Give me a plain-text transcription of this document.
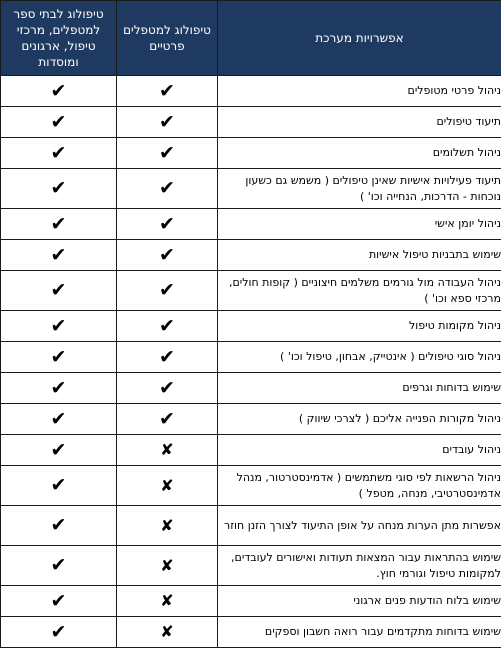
אפשרויות מערכת	טיפולוג למטפלים פרטיים	טיפולוג לבתי ספר למטפלים, מרכזי טיפול, ארגונים ומוסדות
ניהול פרטי מטופלים	✔	✔
תיעוד טיפולים	✔	✔
ניהול תשלומים	✔	✔
תיעוד פעילויות אישיות שאינן טיפולים ( משמש גם כשעון נוכחות - הדרכות, הנחייה וכו' )	✔	✔
ניהול יומן אישי	✔	✔
שימוש בתבניות טיפול אישיות	✔	✔
ניהול העבודה מול גורמים משלמים חיצוניים ( קופות חולים, מרכזי ספא וכו' )	✔	✔
ניהול מקומות טיפול	✔	✔
ניהול סוגי טיפולים ( אינטייק, אבחון, טיפול וכו' )	✔	✔
שימוש בדוחות וגרפים	✔	✔
ניהול מקורות הפנייה אליכם ( לצרכי שיווק )	✔	✔
ניהול עובדים	✘	✔
ניהול הרשאות לפי סוגי משתמשים ( אדמינסטרטור, מנהל אדמינסטרטיבי, מנחה, מטפל )	✘	✔
אפשרות מתן הערות מנחה על אופן התיעוד לצורך הזנן חוזר	✘	✔
שימוש בהתראות עבור המצאות תעודות ואישורים לעובדים, למקומות טיפול וגורמי חוץ.	✘	✔
שימוש בלוח הודעות פנים ארגוני	✘	✔
שימוש בדוחות מתקדמים עבור רואה חשבון וספקים	✘	✔
